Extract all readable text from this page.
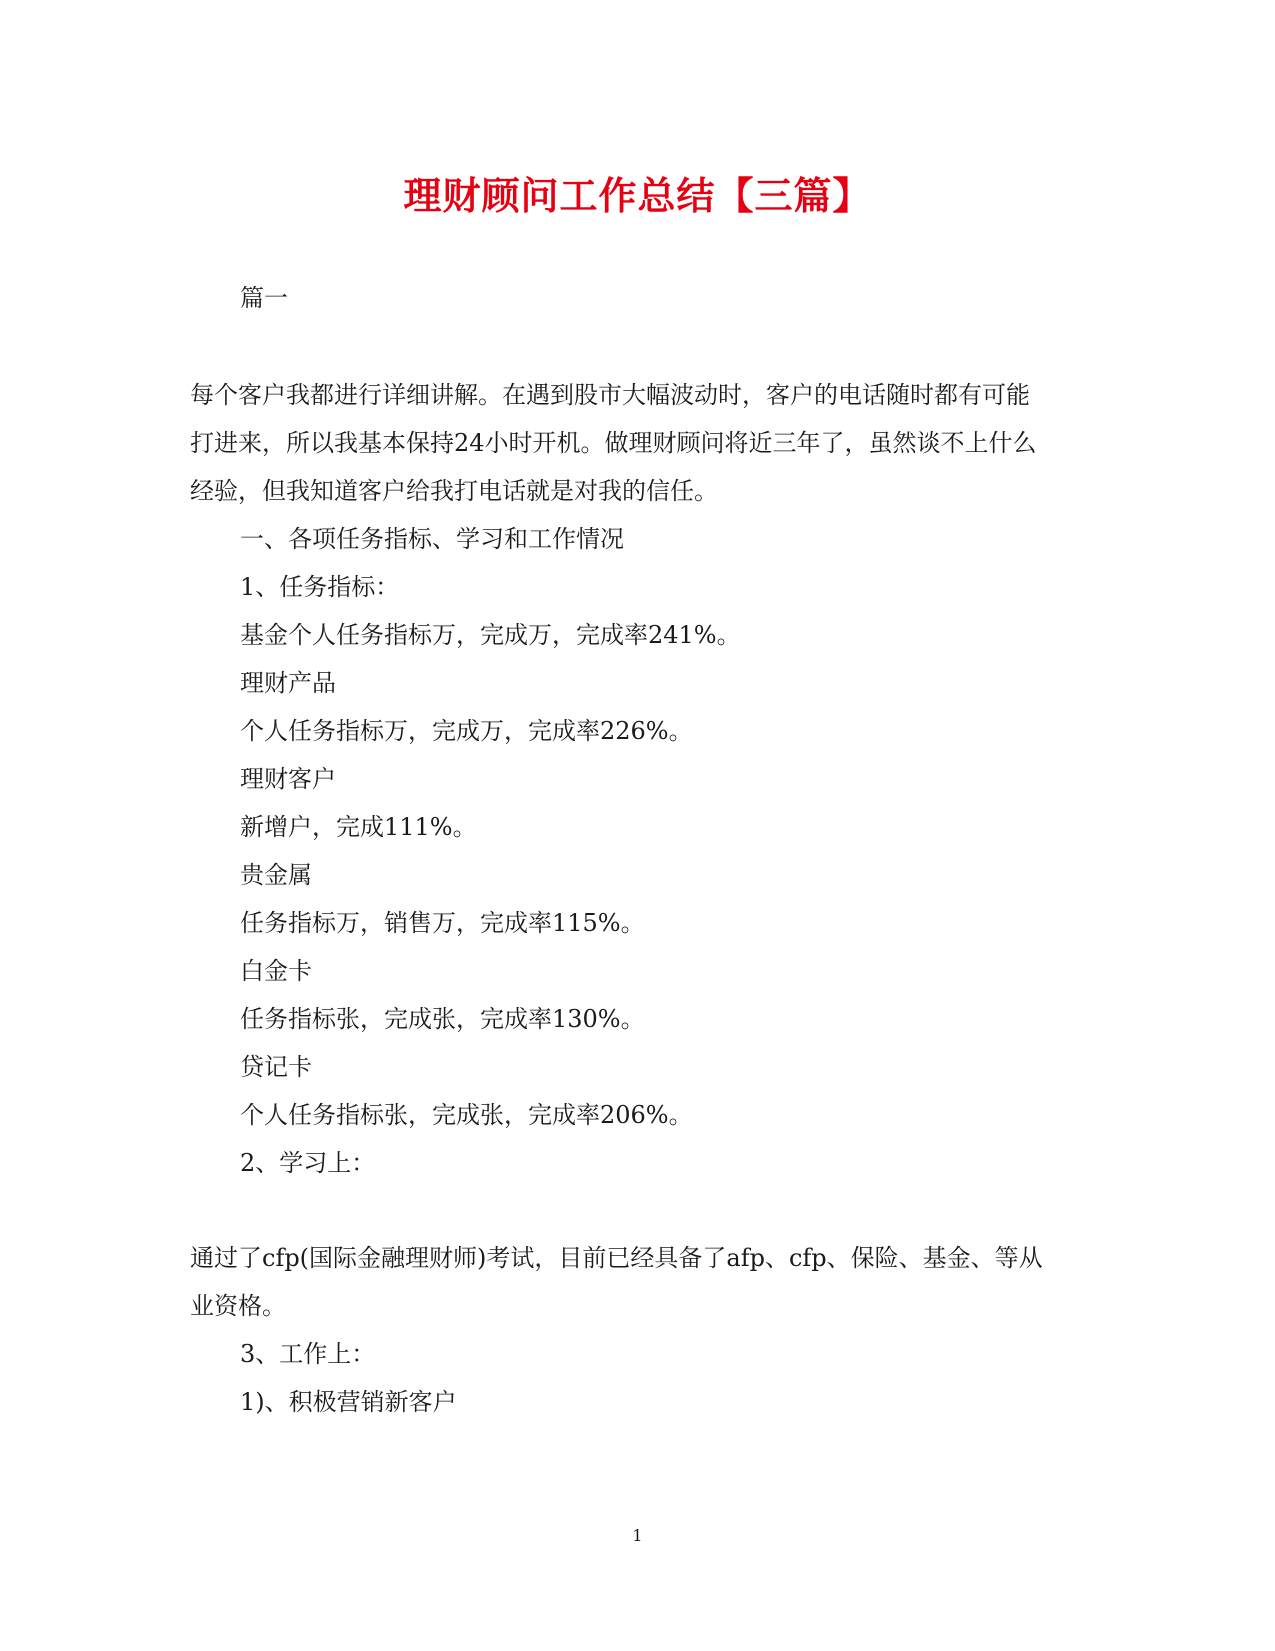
理财顾问工作总结【三篇】

篇一

每个客户我都进行详细讲解。在遇到股市大幅波动时，客户的电话随时都有可能

打进来，所以我基本保持24小时开机。做理财顾问将近三年了，虽然谈不上什么

经验，但我知道客户给我打电话就是对我的信任。

一、各项任务指标、学习和工作情况

1、任务指标：

基金个人任务指标万，完成万，完成率241%。

理财产品

个人任务指标万，完成万，完成率226%。

理财客户

新增户，完成111%。

贵金属

任务指标万，销售万，完成率115%。

白金卡

任务指标张，完成张，完成率130%。

贷记卡

个人任务指标张，完成张，完成率206%。

2、学习上：

通过了cfp(国际金融理财师)考试，目前已经具备了afp、cfp、保险、基金、等从

业资格。

3、工作上：

1)、积极营销新客户

1
